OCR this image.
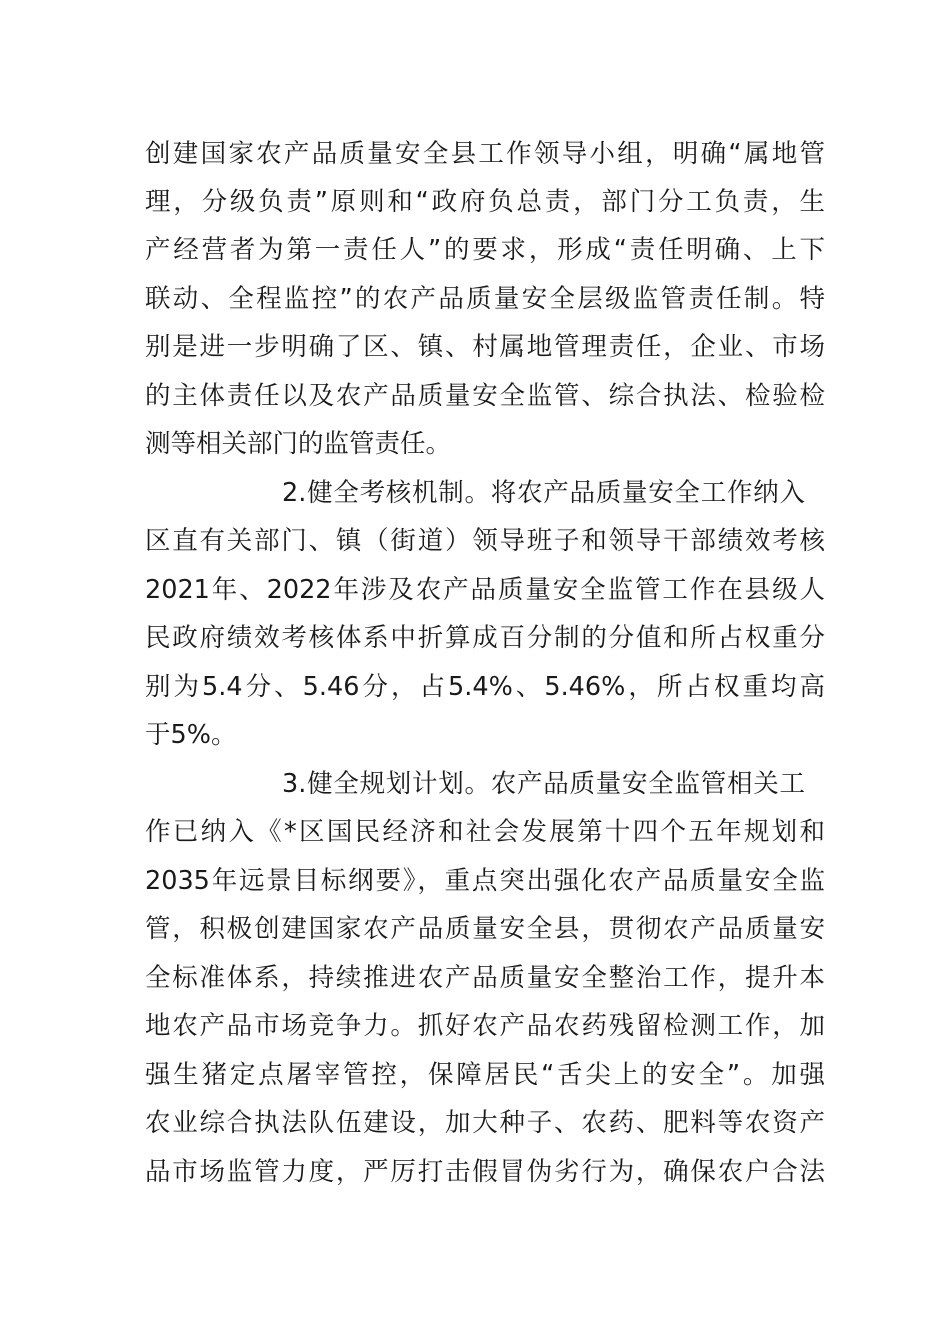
创建国家农产品质量安全县工作领导小组，明确“属地管
理，分级负责”原则和“政府负总责，部门分工负责，生
产经营者为第一责任人”的要求，形成“责任明确、上下
联动、全程监控”的农产品质量安全层级监管责任制。特
别是进一步明确了区、镇、村属地管理责任，企业、市场
的主体责任以及农产品质量安全监管、综合执法、检验检
测等相关部门的监管责任。
2.健全考核机制。将农产品质量安全工作纳入
区直有关部门、镇（街道）领导班子和领导干部绩效考核
2021年、2022年涉及农产品质量安全监管工作在县级人
民政府绩效考核体系中折算成百分制的分值和所占权重分
别为5.4分、5.46分，占5.4%、5.46%，所占权重均高
于5%。
3.健全规划计划。农产品质量安全监管相关工
作已纳入《*区国民经济和社会发展第十四个五年规划和
2035年远景目标纲要》，重点突出强化农产品质量安全监
管，积极创建国家农产品质量安全县，贯彻农产品质量安
全标准体系，持续推进农产品质量安全整治工作，提升本
地农产品市场竞争力。抓好农产品农药残留检测工作，加
强生猪定点屠宰管控，保障居民“舌尖上的安全”。加强
农业综合执法队伍建设，加大种子、农药、肥料等农资产
品市场监管力度，严厉打击假冒伪劣行为，确保农户合法
